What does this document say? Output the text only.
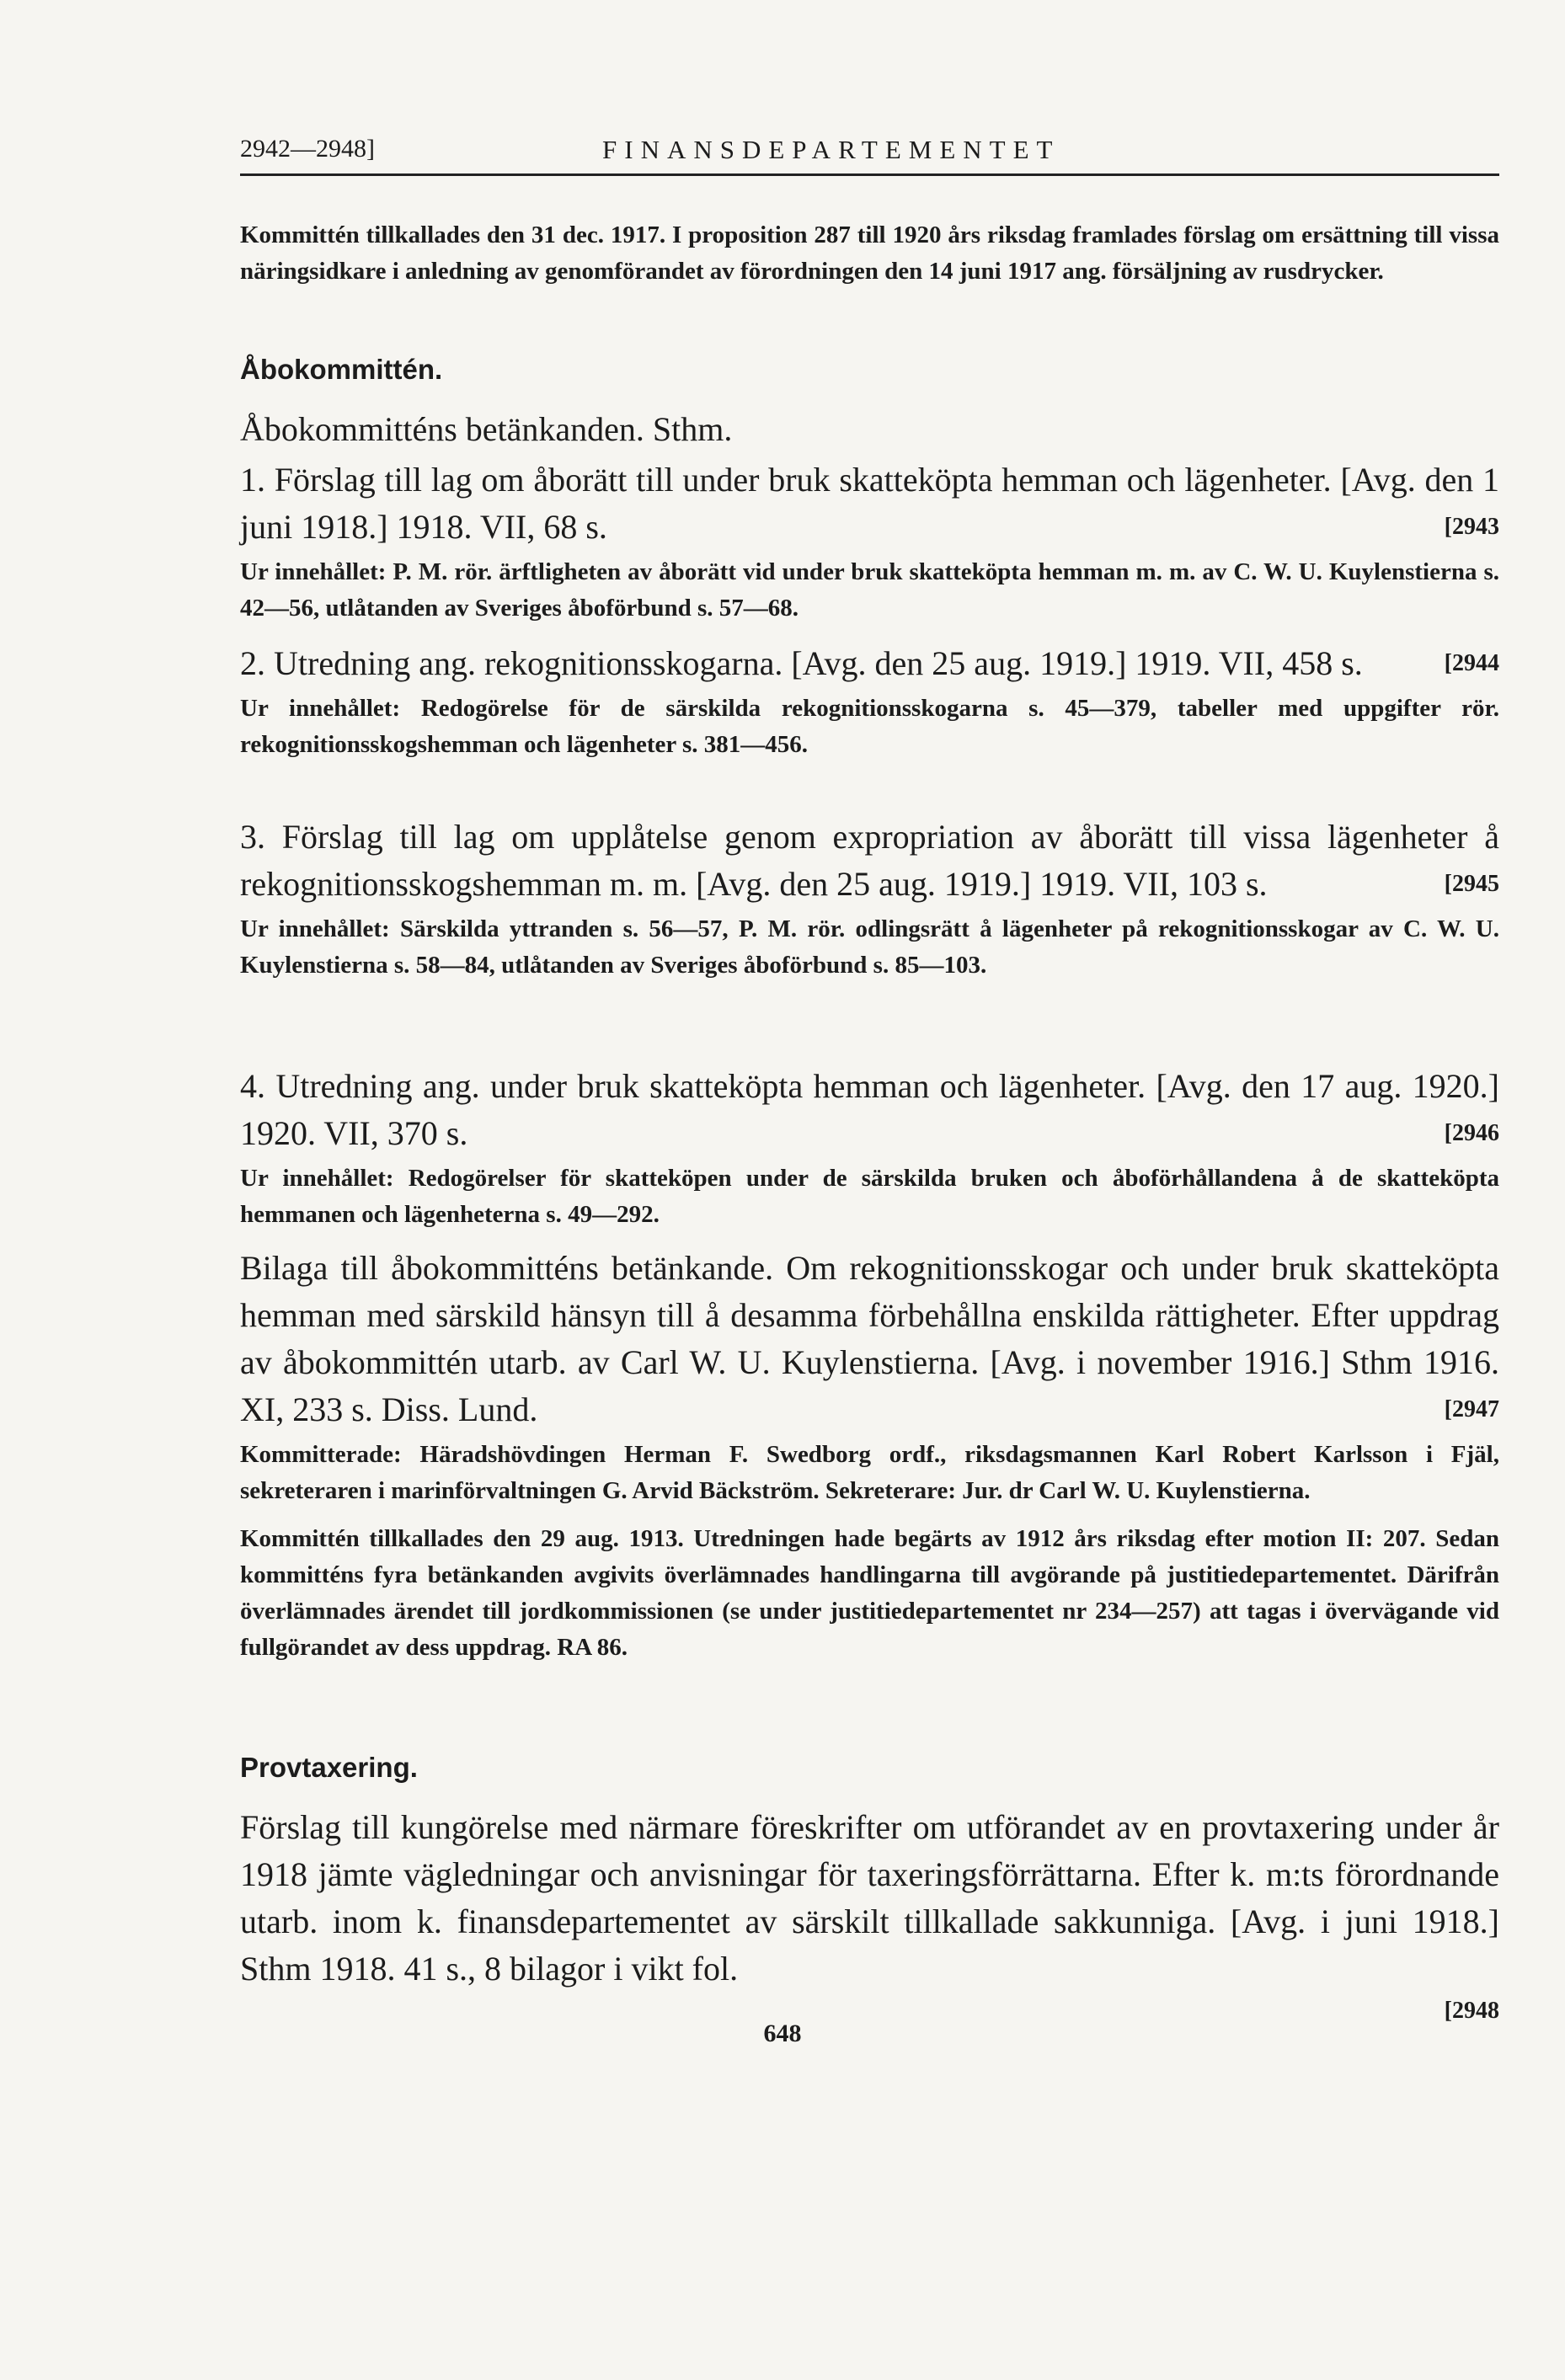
2942—2948]	FINANSDEPARTEMENTET
Kommittén tillkallades den 31 dec. 1917. I proposition 287 till 1920 års riksdag framlades förslag om ersättning till vissa näringsidkare i anledning av genomförandet av förordningen den 14 juni 1917 ang. försäljning av rusdrycker.
Åbokommittén.
Åbokommitténs betänkanden. Sthm.
1. Förslag till lag om åborätt till under bruk skatteköpta hemman och lägenheter. [Avg. den 1 juni 1918.] 1918. VII, 68 s.	[2943
Ur innehållet: P. M. rör. ärftligheten av åborätt vid under bruk skatteköpta hemman m. m. av C. W. U. Kuylenstierna s. 42—56, utlåtanden av Sveriges åboförbund s. 57—68.
2. Utredning ang. rekognitionsskogarna. [Avg. den 25 aug. 1919.] 1919. VII, 458 s.	[2944
Ur innehållet: Redogörelse för de särskilda rekognitionsskogarna s. 45—379, tabeller med uppgifter rör. rekognitionsskogshemman och lägenheter s. 381—456.
3. Förslag till lag om upplåtelse genom expropriation av åborätt till vissa lägenheter å rekognitionsskogshemman m. m. [Avg. den 25 aug. 1919.] 1919. VII, 103 s.	[2945
Ur innehållet: Särskilda yttranden s. 56—57, P. M. rör. odlingsrätt å lägenheter på rekognitionsskogar av C. W. U. Kuylenstierna s. 58—84, utlåtanden av Sveriges åboförbund s. 85—103.
4. Utredning ang. under bruk skatteköpta hemman och lägenheter. [Avg. den 17 aug. 1920.] 1920. VII, 370 s.	[2946
Ur innehållet: Redogörelser för skatteköpen under de särskilda bruken och åboförhållandena å de skatteköpta hemmanen och lägenheterna s. 49—292.
Bilaga till åbokommitténs betänkande. Om rekognitionsskogar och under bruk skatteköpta hemman med särskild hänsyn till å desamma förbehållna enskilda rättigheter. Efter uppdrag av åbokommittén utarb. av Carl W. U. Kuylenstierna. [Avg. i november 1916.] Sthm 1916. XI, 233 s. Diss. Lund.	[2947
Kommitterade: Häradshövdingen Herman F. Swedborg ordf., riksdagsmannen Karl Robert Karlsson i Fjäl, sekreteraren i marinförvaltningen G. Arvid Bäckström. Sekreterare: Jur. dr Carl W. U. Kuylenstierna.
Kommittén tillkallades den 29 aug. 1913. Utredningen hade begärts av 1912 års riksdag efter motion II: 207. Sedan kommitténs fyra betänkanden avgivits överlämnades handlingarna till avgörande på justitiedepartementet. Därifrån överlämnades ärendet till jordkommissionen (se under justitiedepartementet nr 234—257) att tagas i övervägande vid fullgörandet av dess uppdrag. RA 86.
Provtaxering.
Förslag till kungörelse med närmare föreskrifter om utförandet av en provtaxering under år 1918 jämte vägledningar och anvisningar för taxeringsförrättarna. Efter k. m:ts förordnande utarb. inom k. finansdepartementet av särskilt tillkallade sakkunniga. [Avg. i juni 1918.] Sthm 1918. 41 s., 8 bilagor i vikt fol.
[2948
648
